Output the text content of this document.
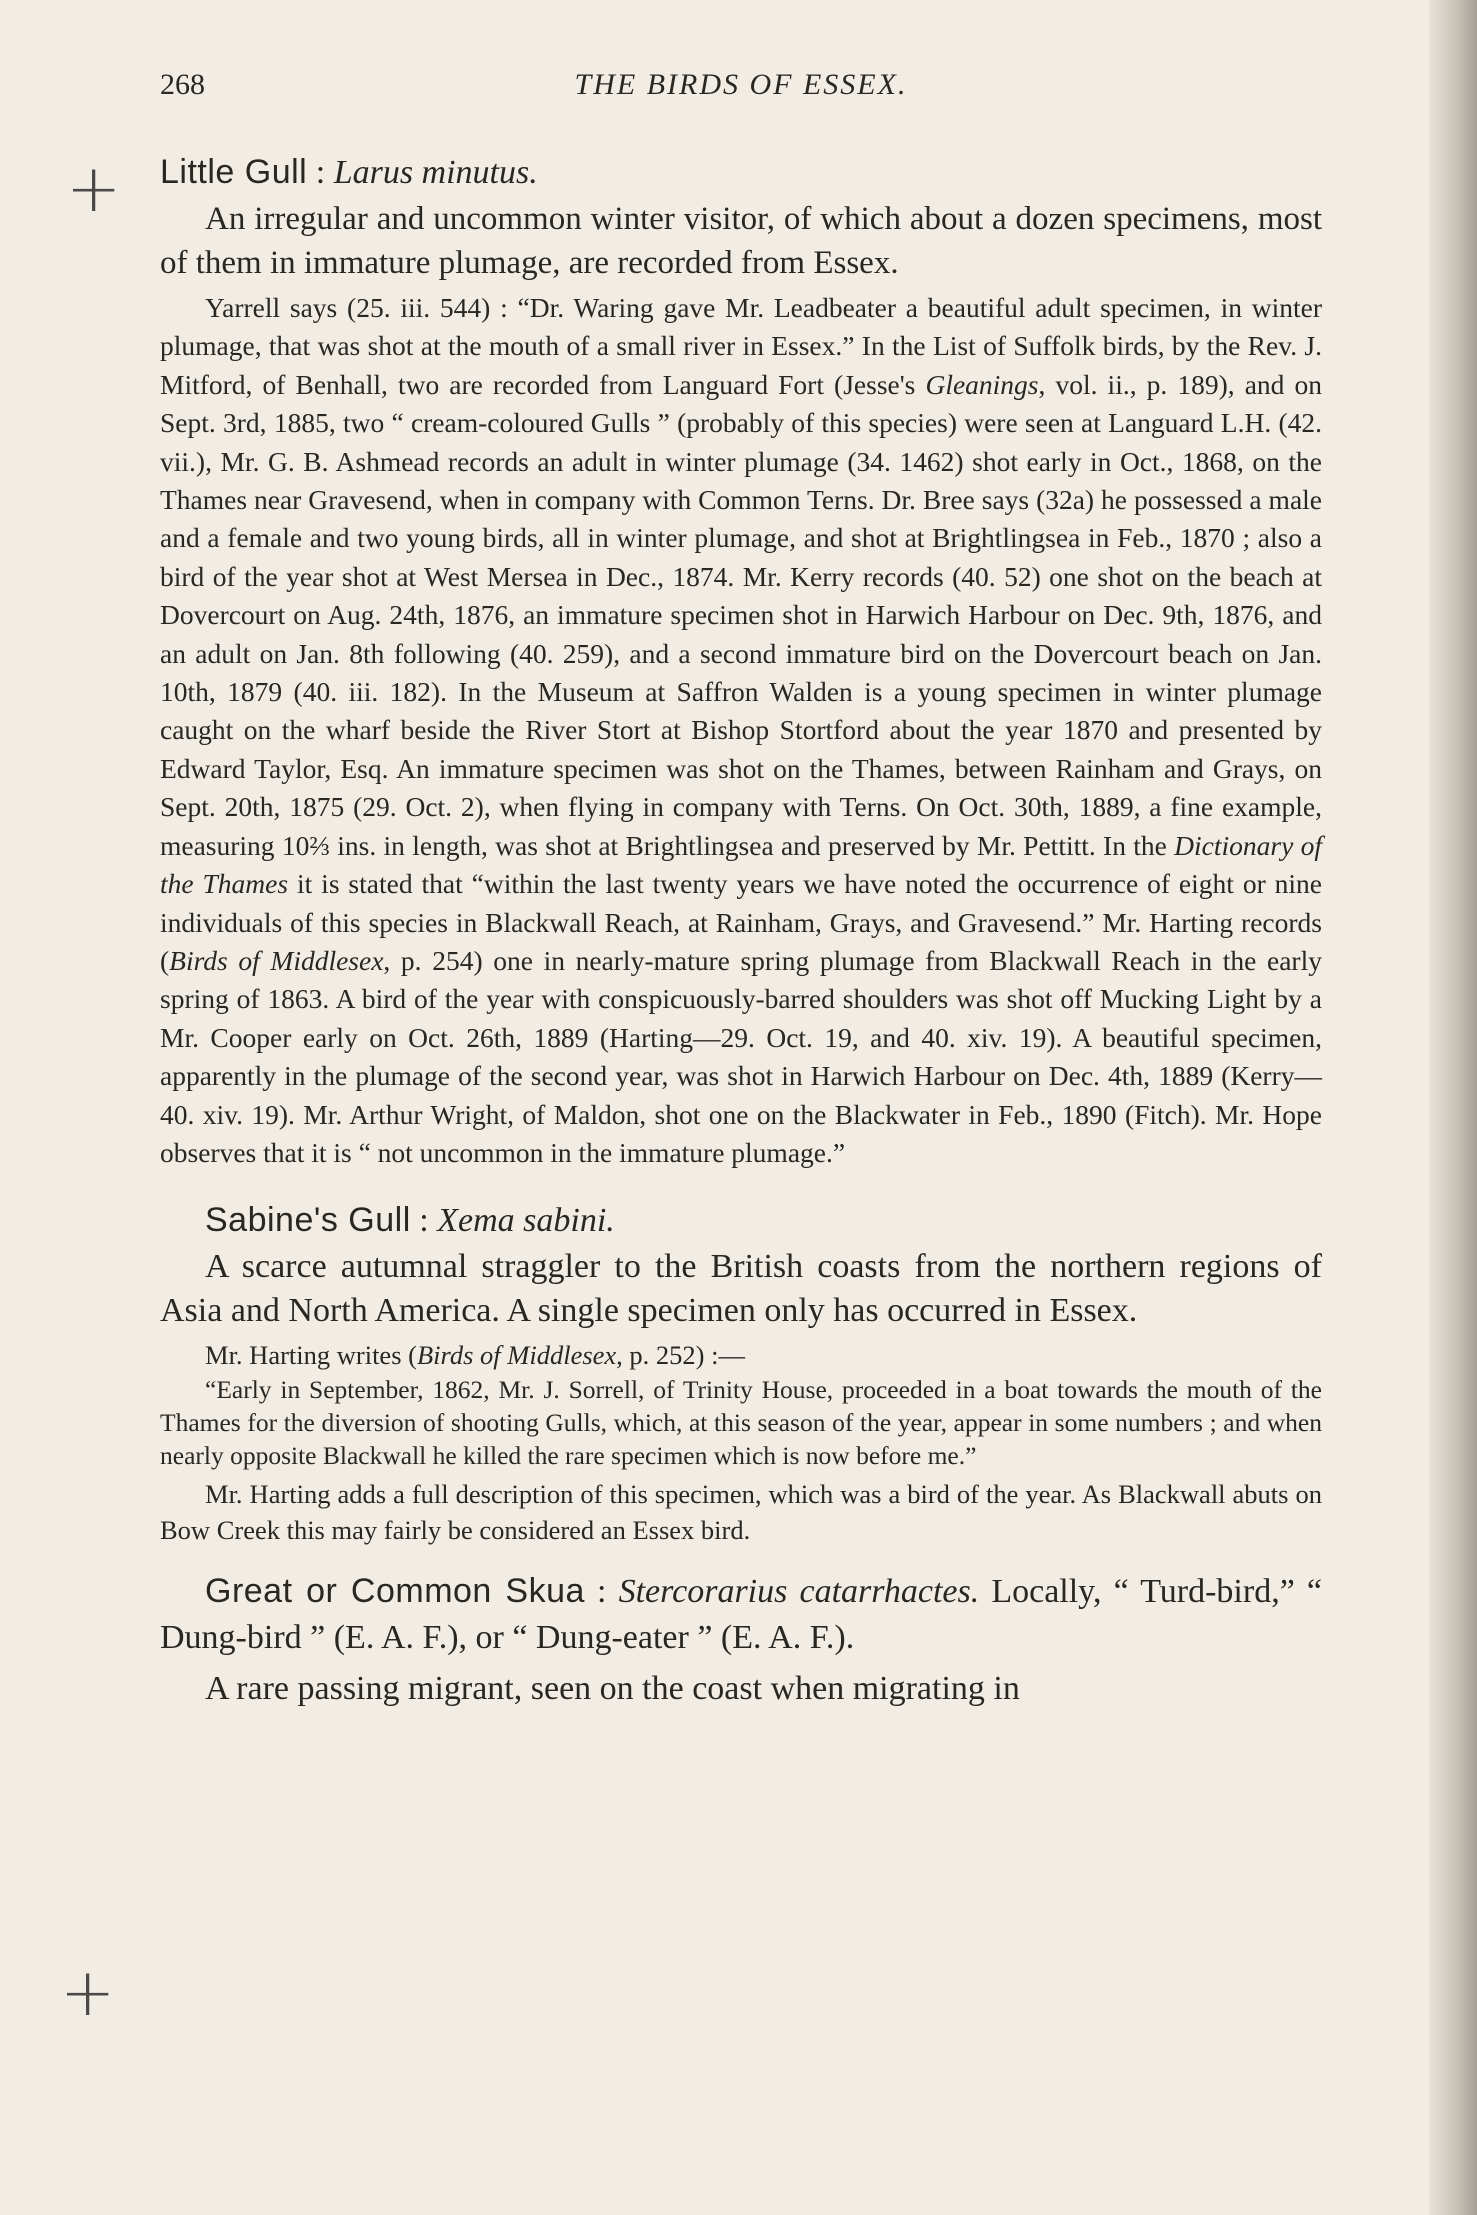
+
+
268	THE BIRDS OF ESSEX.
Little Gull : Larus minutus.

An irregular and uncommon winter visitor, of which about a dozen specimens, most of them in immature plumage, are recorded from Essex.

Yarrell says (25. iii. 544) : “Dr. Waring gave Mr. Leadbeater a beautiful adult specimen, in winter plumage, that was shot at the mouth of a small river in Essex.” In the List of Suffolk birds, by the Rev. J. Mitford, of Benhall, two are recorded from Languard Fort (Jesse's Gleanings, vol. ii., p. 189), and on Sept. 3rd, 1885, two “ cream-coloured Gulls ” (probably of this species) were seen at Languard L.H. (42. vii.), Mr. G. B. Ashmead records an adult in winter plumage (34. 1462) shot early in Oct., 1868, on the Thames near Gravesend, when in company with Common Terns. Dr. Bree says (32a) he possessed a male and a female and two young birds, all in winter plumage, and shot at Brightlingsea in Feb., 1870 ; also a bird of the year shot at West Mersea in Dec., 1874. Mr. Kerry records (40. 52) one shot on the beach at Dovercourt on Aug. 24th, 1876, an immature specimen shot in Harwich Harbour on Dec. 9th, 1876, and an adult on Jan. 8th following (40. 259), and a second immature bird on the Dovercourt beach on Jan. 10th, 1879 (40. iii. 182). In the Museum at Saffron Walden is a young specimen in winter plumage caught on the wharf beside the River Stort at Bishop Stortford about the year 1870 and presented by Edward Taylor, Esq. An immature specimen was shot on the Thames, between Rainham and Grays, on Sept. 20th, 1875 (29. Oct. 2), when flying in company with Terns. On Oct. 30th, 1889, a fine example, measuring 10⅔ ins. in length, was shot at Brightlingsea and preserved by Mr. Pettitt. In the Dictionary of the Thames it is stated that “within the last twenty years we have noted the occurrence of eight or nine individuals of this species in Blackwall Reach, at Rainham, Grays, and Gravesend.” Mr. Harting records (Birds of Middlesex, p. 254) one in nearly-mature spring plumage from Blackwall Reach in the early spring of 1863. A bird of the year with conspicuously-barred shoulders was shot off Mucking Light by a Mr. Cooper early on Oct. 26th, 1889 (Harting—29. Oct. 19, and 40. xiv. 19). A beautiful specimen, apparently in the plumage of the second year, was shot in Harwich Harbour on Dec. 4th, 1889 (Kerry—40. xiv. 19). Mr. Arthur Wright, of Maldon, shot one on the Blackwater in Feb., 1890 (Fitch). Mr. Hope observes that it is “ not uncommon in the immature plumage.”

Sabine's Gull : Xema sabini.

A scarce autumnal straggler to the British coasts from the northern regions of Asia and North America. A single specimen only has occurred in Essex.

Mr. Harting writes (Birds of Middlesex, p. 252) :—

“Early in September, 1862, Mr. J. Sorrell, of Trinity House, proceeded in a boat towards the mouth of the Thames for the diversion of shooting Gulls, which, at this season of the year, appear in some numbers ; and when nearly opposite Blackwall he killed the rare specimen which is now before me.”

Mr. Harting adds a full description of this specimen, which was a bird of the year. As Blackwall abuts on Bow Creek this may fairly be considered an Essex bird.

Great or Common Skua : Stercorarius catarrhactes. Locally, “ Turd-bird,” “ Dung-bird ” (E. A. F.), or “ Dung-eater ” (E. A. F.).

A rare passing migrant, seen on the coast when migrating in
